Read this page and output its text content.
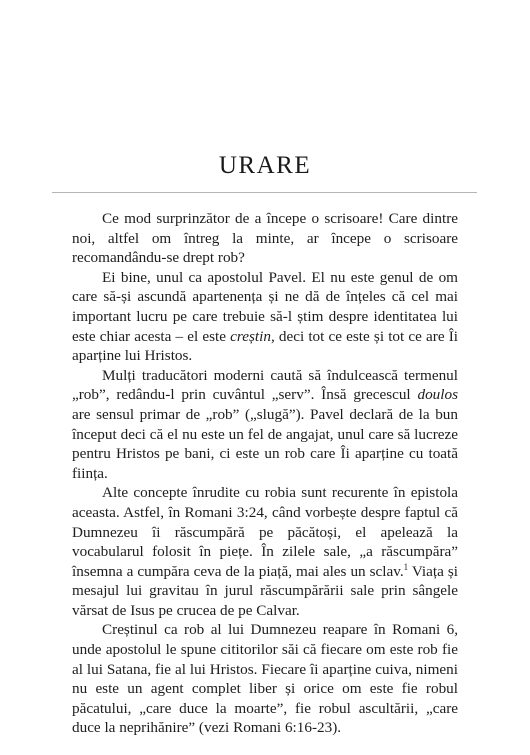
URARE

Ce mod surprinzător de a începe o scrisoare! Care dintre noi, altfel om întreg la minte, ar începe o scrisoare recomandându-se drept rob?

Ei bine, unul ca apostolul Pavel. El nu este genul de om care să-și ascundă apartenența și ne dă de înțeles că cel mai important lucru pe care trebuie să-l știm despre identitatea lui este chiar acesta – el este creștin, deci tot ce este și tot ce are Îi aparține lui Hristos.

Mulți traducători moderni caută să îndulcească termenul „rob”, redându-l prin cuvântul „serv”. Însă grecescul doulos are sensul primar de „rob” („slugă”). Pavel declară de la bun început deci că el nu este un fel de angajat, unul care să lucreze pentru Hristos pe bani, ci este un rob care Îi aparține cu toată ființa.

Alte concepte înrudite cu robia sunt recurente în epistola aceasta. Astfel, în Romani 3:24, când vorbește despre faptul că Dumnezeu îi răscumpără pe păcătoși, el apelează la vocabularul folosit în piețe. În zilele sale, „a răscumpăra” însemna a cumpăra ceva de la piață, mai ales un sclav.$^1$ Viața și mesajul lui gravitau în jurul răscumpărării sale prin sângele vărsat de Isus pe crucea de pe Calvar.

Creștinul ca rob al lui Dumnezeu reapare în Romani 6, unde apostolul le spune cititorilor săi că fiecare om este rob fie al lui Satana, fie al lui Hristos. Fiecare îi aparține cuiva, nimeni nu este un agent complet liber și orice om este fie robul păcatului, „care duce la moarte”, fie robul ascultării, „care duce la neprihănire” (vezi Romani 6:16-23).
